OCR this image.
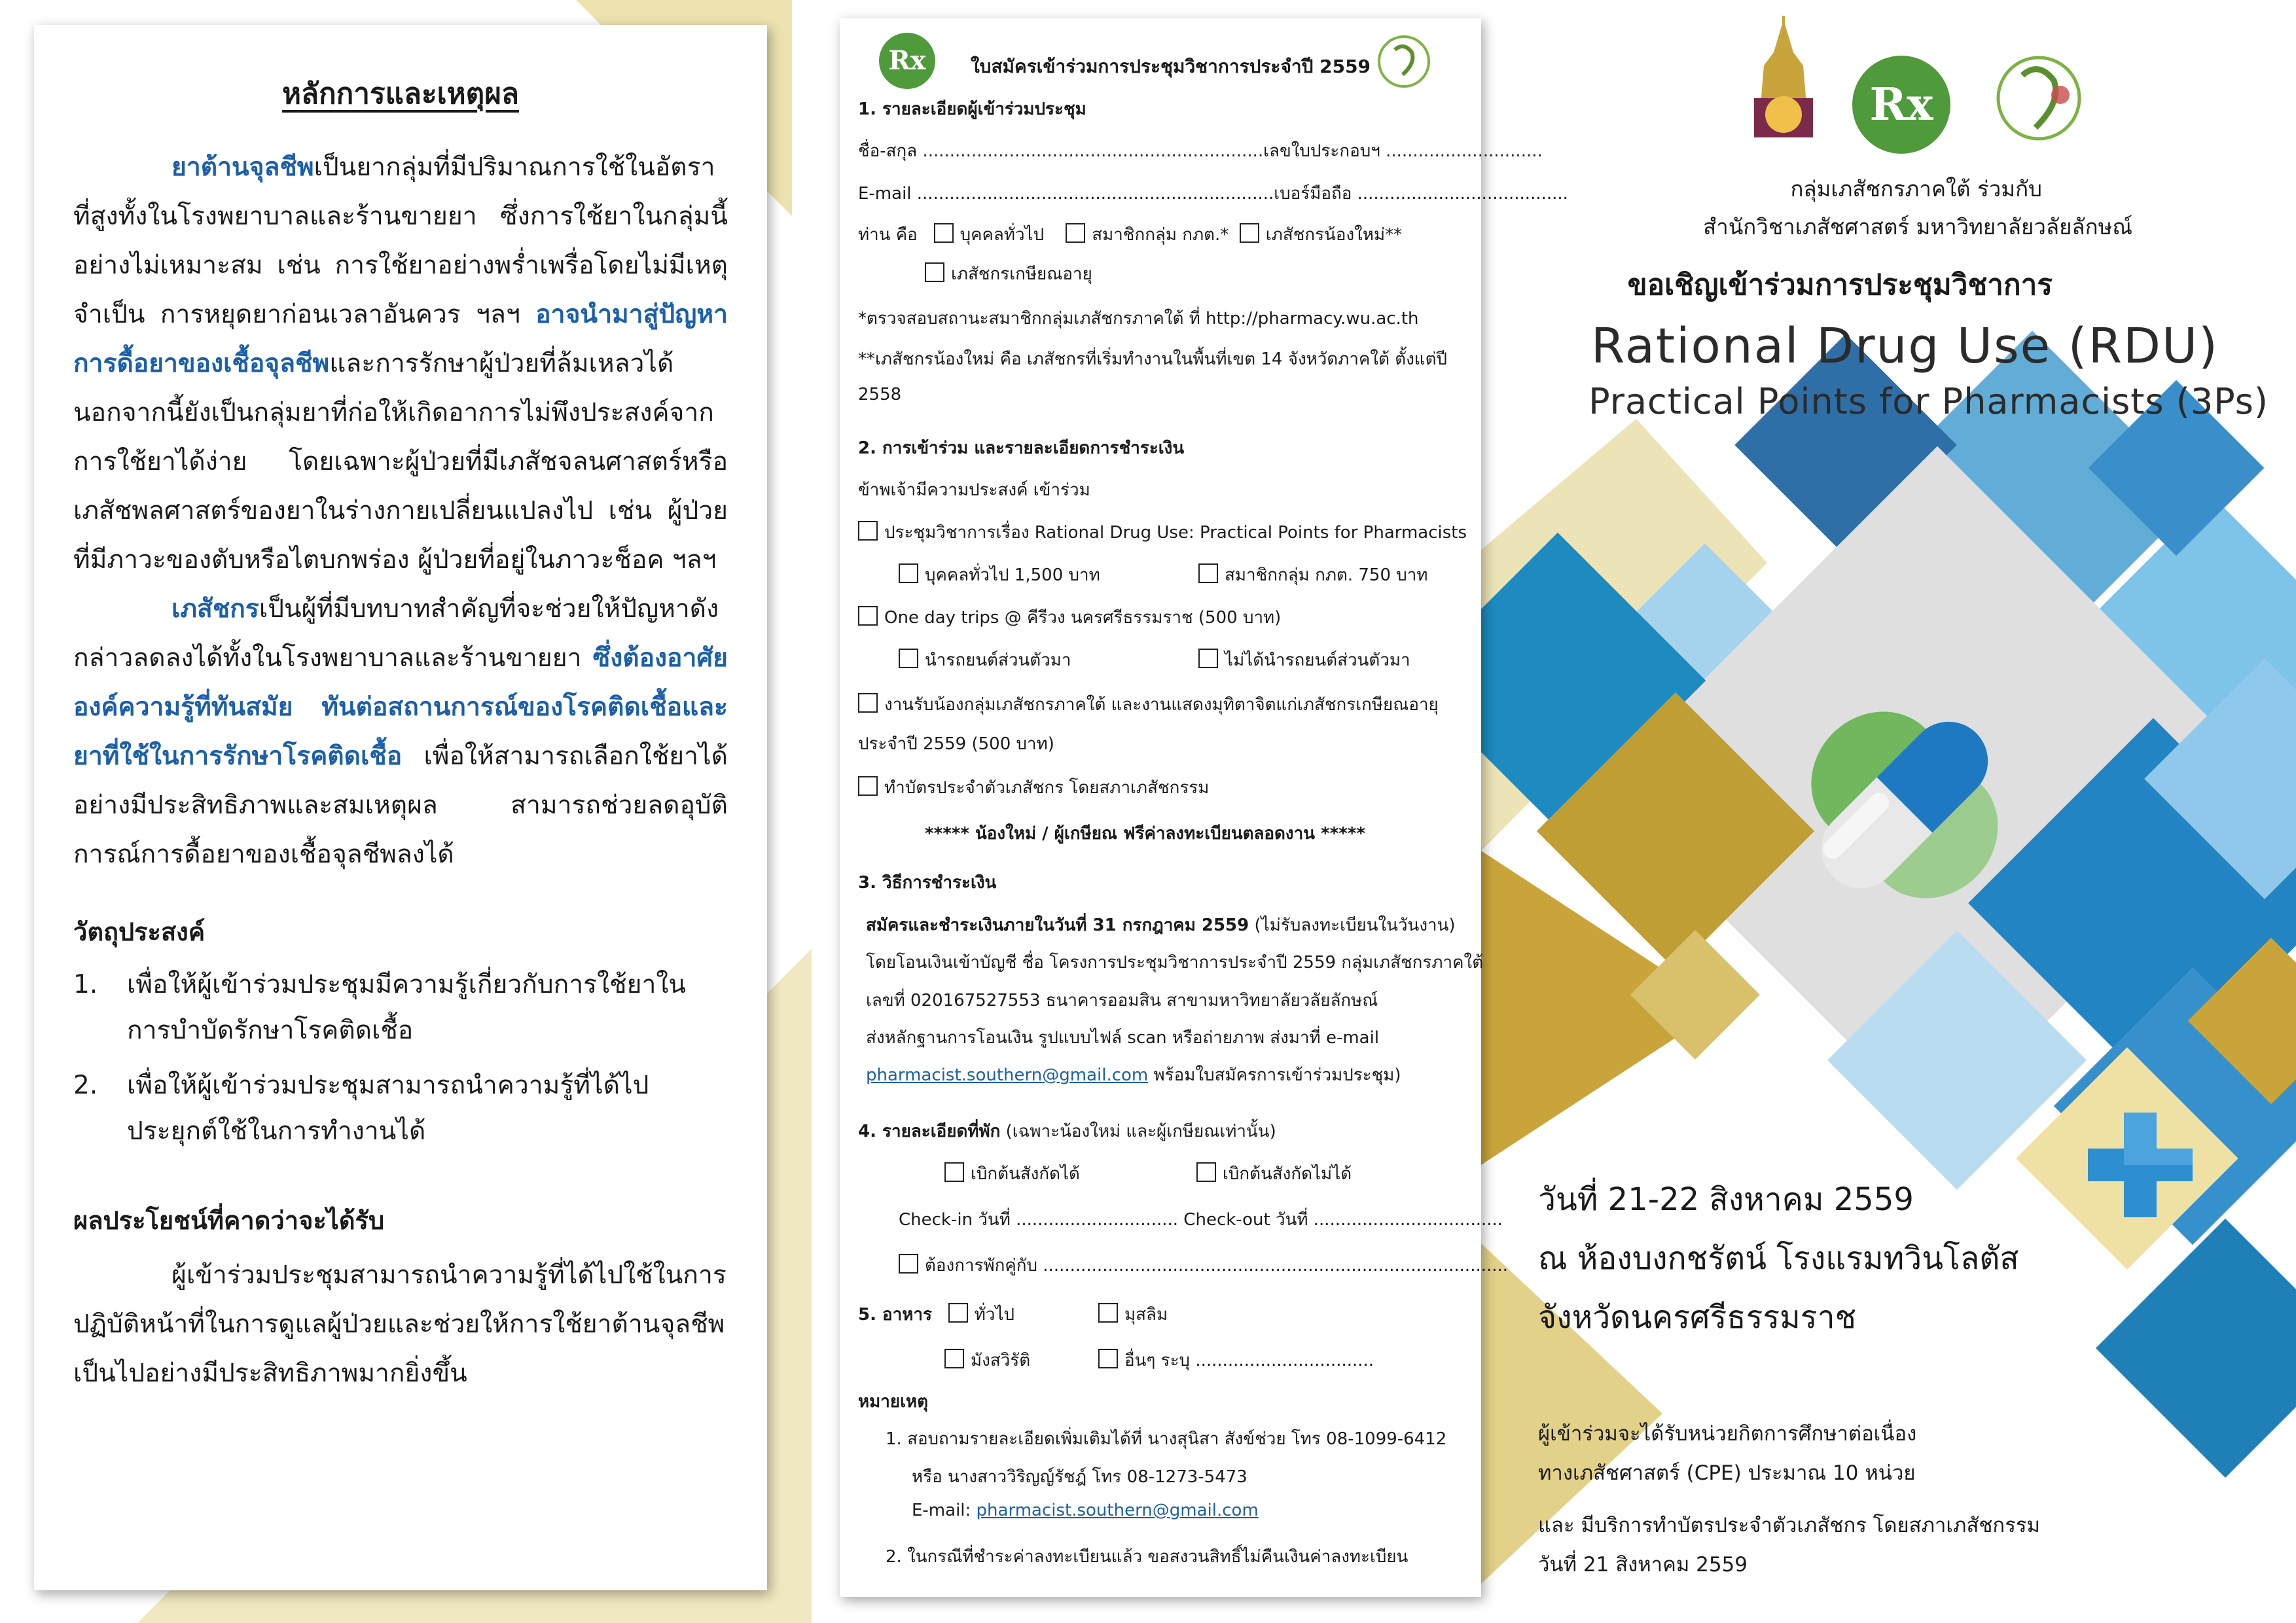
หลักการและเหตุผล

ยาต้านจุลชีพเป็นยากลุ่มที่มีปริมาณการใช้ในอัตราที่สูงทั้งในโรงพยาบาลและร้านขายยา ซึ่งการใช้ยาในกลุ่มนี้อย่างไม่เหมาะสม เช่น การใช้ยาอย่างพร่ำเพรื่อโดยไม่มีเหตุจำเป็น การหยุดยาก่อนเวลาอันควร ฯลฯ อาจนำมาสู่ปัญหาการดื้อยาของเชื้อจุลชีพและการรักษาผู้ป่วยที่ล้มเหลวได้ นอกจากนี้ยังเป็นกลุ่มยาที่ก่อให้เกิดอาการไม่พึงประสงค์จากการใช้ยาได้ง่าย โดยเฉพาะผู้ป่วยที่มีเภสัชจลนศาสตร์หรือเภสัชพลศาสตร์ของยาในร่างกายเปลี่ยนแปลงไป เช่น ผู้ป่วยที่มีภาวะของตับหรือไตบกพร่อง ผู้ป่วยที่อยู่ในภาวะช็อค ฯลฯ

เภสัชกรเป็นผู้ที่มีบทบาทสำคัญที่จะช่วยให้ปัญหาดังกล่าวลดลงได้ทั้งในโรงพยาบาลและร้านขายยา ซึ่งต้องอาศัยองค์ความรู้ที่ทันสมัย ทันต่อสถานการณ์ของโรคติดเชื้อและยาที่ใช้ในการรักษาโรคติดเชื้อ เพื่อให้สามารถเลือกใช้ยาได้อย่างมีประสิทธิภาพและสมเหตุผล สามารถช่วยลดอุบัติการณ์การดื้อยาของเชื้อจุลชีพลงได้

วัตถุประสงค์
1. เพื่อให้ผู้เข้าร่วมประชุมมีความรู้เกี่ยวกับการใช้ยาในการบำบัดรักษาโรคติดเชื้อ
2. เพื่อให้ผู้เข้าร่วมประชุมสามารถนำความรู้ที่ได้ไปประยุกต์ใช้ในการทำงานได้
ผลประโยชน์ที่คาดว่าจะได้รับ

ผู้เข้าร่วมประชุมสามารถนำความรู้ที่ได้ไปใช้ในการปฏิบัติหน้าที่ในการดูแลผู้ป่วยและช่วยให้การใช้ยาต้านจุลชีพเป็นไปอย่างมีประสิทธิภาพมากยิ่งขึ้น

Rx	ใบสมัครเข้าร่วมการประชุมวิชาการประจำปี 2559
1. รายละเอียดผู้เข้าร่วมประชุม
ชื่อ-สกุล ...............................................................เลขใบประกอบฯ .............................
E-mail ..................................................................เบอร์มือถือ .......................................
ท่าน คือ บุคคลทั่วไป	สมาชิกกลุ่ม กภต.* เภสัชกรน้องใหม่**
เภสัชกรเกษียณอายุ
*ตรวจสอบสถานะสมาชิกกลุ่มเภสัชกรภาคใต้ ที่ http://pharmacy.wu.ac.th
**เภสัชกรน้องใหม่ คือ เภสัชกรที่เริ่มทำงานในพื้นที่เขต 14 จังหวัดภาคใต้ ตั้งแต่ปี
2558
2. การเข้าร่วม และรายละเอียดการชำระเงิน
ข้าพเจ้ามีความประสงค์ เข้าร่วม
ประชุมวิชาการเรื่อง Rational Drug Use: Practical Points for Pharmacists
บุคคลทั่วไป 1,500 บาท	สมาชิกกลุ่ม กภต. 750 บาท
One day trips @ คีรีวง นครศรีธรรมราช (500 บาท)
นำรถยนต์ส่วนตัวมา	ไม่ได้นำรถยนต์ส่วนตัวมา
งานรับน้องกลุ่มเภสัชกรภาคใต้ และงานแสดงมุทิตาจิตแก่เภสัชกรเกษียณอายุ
ประจำปี 2559 (500 บาท)
ทำบัตรประจำตัวเภสัชกร โดยสภาเภสัชกรรม
***** น้องใหม่ / ผู้เกษียณ ฟรีค่าลงทะเบียนตลอดงาน *****
3. วิธีการชำระเงิน
สมัครและชำระเงินภายในวันที่ 31 กรกฎาคม 2559 (ไม่รับลงทะเบียนในวันงาน)
โดยโอนเงินเข้าบัญชี ชื่อ โครงการประชุมวิชาการประจำปี 2559 กลุ่มเภสัชกรภาคใต้
เลขที่ 020167527553 ธนาคารออมสิน สาขามหาวิทยาลัยวลัยลักษณ์
ส่งหลักฐานการโอนเงิน รูปแบบไฟล์ scan หรือถ่ายภาพ ส่งมาที่ e-mail
pharmacist.southern@gmail.com พร้อมใบสมัครการเข้าร่วมประชุม)
4. รายละเอียดที่พัก (เฉพาะน้องใหม่ และผู้เกษียณเท่านั้น)
เบิกต้นสังกัดได้	เบิกต้นสังกัดไม่ได้
Check-in วันที่ .............................. Check-out วันที่ ...................................
ต้องการพักคู่กับ ......................................................................................
5. อาหาร ทั่วไป	มุสลิม
มังสวิรัติ	อื่นๆ ระบุ .................................
หมายเหตุ
1. สอบถามรายละเอียดเพิ่มเติมได้ที่ นางสุนิสา สังข์ช่วย โทร 08-1099-6412
หรือ นางสาววิริญญ์รัชฎ์ โทร 08-1273-5473
E-mail: pharmacist.southern@gmail.com
2. ในกรณีที่ชำระค่าลงทะเบียนแล้ว ขอสงวนสิทธิ์ไม่คืนเงินค่าลงทะเบียน
Rx
กลุ่มเภสัชกรภาคใต้ ร่วมกับ
สำนักวิชาเภสัชศาสตร์ มหาวิทยาลัยวลัยลักษณ์
ขอเชิญเข้าร่วมการประชุมวิชาการ
Rational Drug Use (RDU)
Practical Points for Pharmacists (3Ps)
วันที่ 21-22 สิงหาคม 2559
ณ ห้องบงกชรัตน์ โรงแรมทวินโลตัส
จังหวัดนครศรีธรรมราช
ผู้เข้าร่วมจะได้รับหน่วยกิตการศึกษาต่อเนื่อง
ทางเภสัชศาสตร์ (CPE) ประมาณ 10 หน่วย
และ มีบริการทำบัตรประจำตัวเภสัชกร โดยสภาเภสัชกรรม
วันที่ 21 สิงหาคม 2559
